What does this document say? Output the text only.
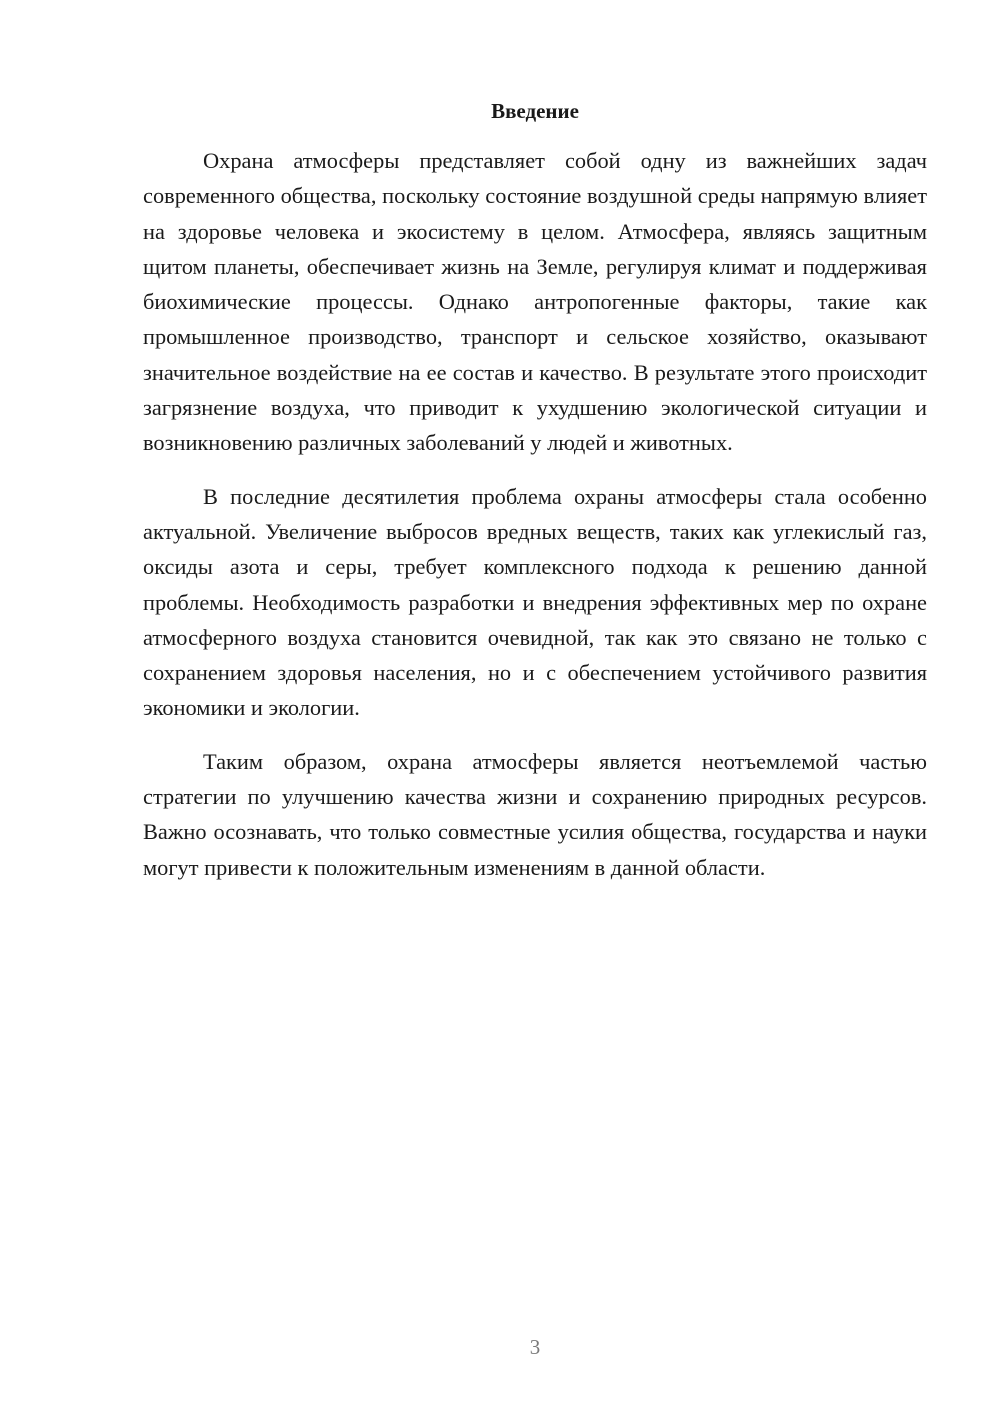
Введение

Охрана атмосферы представляет собой одну из важнейших задач современного общества, поскольку состояние воздушной среды напрямую влияет на здоровье человека и экосистему в целом. Атмосфера, являясь защитным щитом планеты, обеспечивает жизнь на Земле, регулируя климат и поддерживая биохимические процессы. Однако антропогенные факторы, такие как промышленное производство, транспорт и сельское хозяйство, оказывают значительное воздействие на ее состав и качество. В результате этого происходит загрязнение воздуха, что приводит к ухудшению экологической ситуации и возникновению различных заболеваний у людей и животных.

В последние десятилетия проблема охраны атмосферы стала особенно актуальной. Увеличение выбросов вредных веществ, таких как углекислый газ, оксиды азота и серы, требует комплексного подхода к решению данной проблемы. Необходимость разработки и внедрения эффективных мер по охране атмосферного воздуха становится очевидной, так как это связано не только с сохранением здоровья населения, но и с обеспечением устойчивого развития экономики и экологии.

Таким образом, охрана атмосферы является неотъемлемой частью стратегии по улучшению качества жизни и сохранению природных ресурсов. Важно осознавать, что только совместные усилия общества, государства и науки могут привести к положительным изменениям в данной области.

3
